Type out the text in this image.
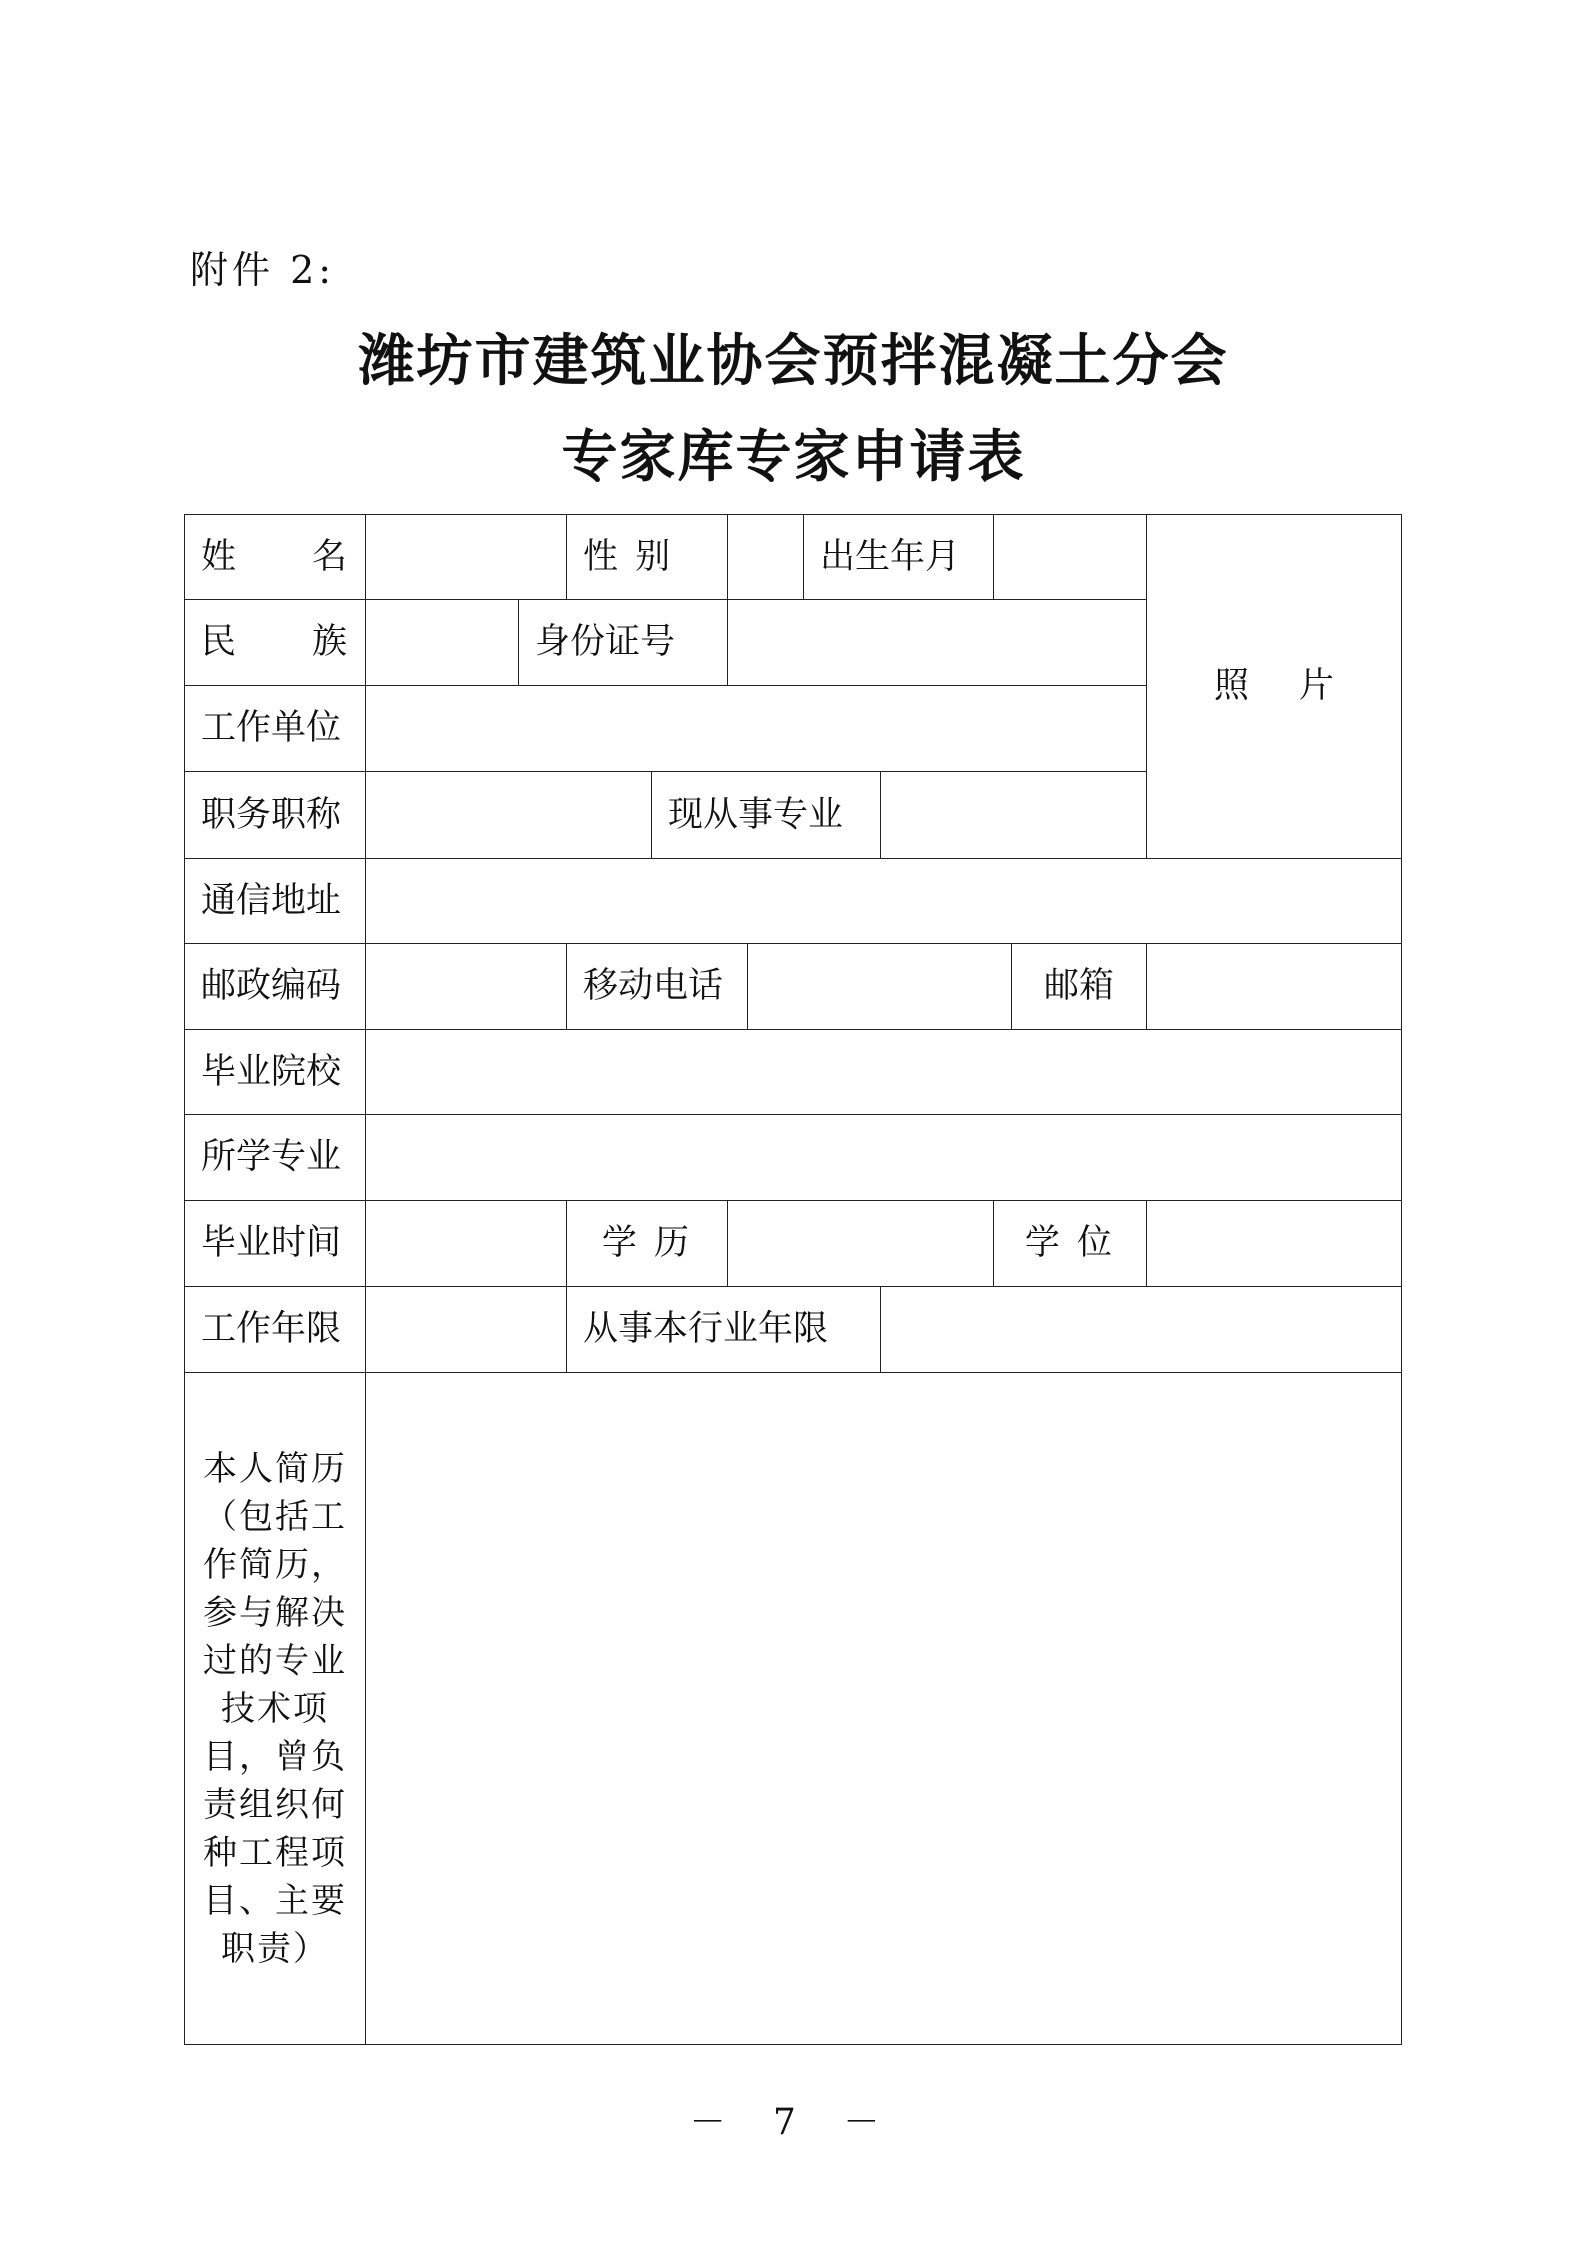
附件 2:
潍坊市建筑业协会预拌混凝土分会
专家库专家申请表
姓 名	性 别	出生年月
照 片
民 族	身份证号
工作单位
职务职称	现从事专业
通信地址
邮政编码	移动电话	邮箱
毕业院校
所学专业
毕业时间	学 历	学 位
工作年限	从事本行业年限
本人简历（包括工作简历，参与解决过的专业技术项目，曾负责组织何种工程项目、主要职责）
－ 7 －
